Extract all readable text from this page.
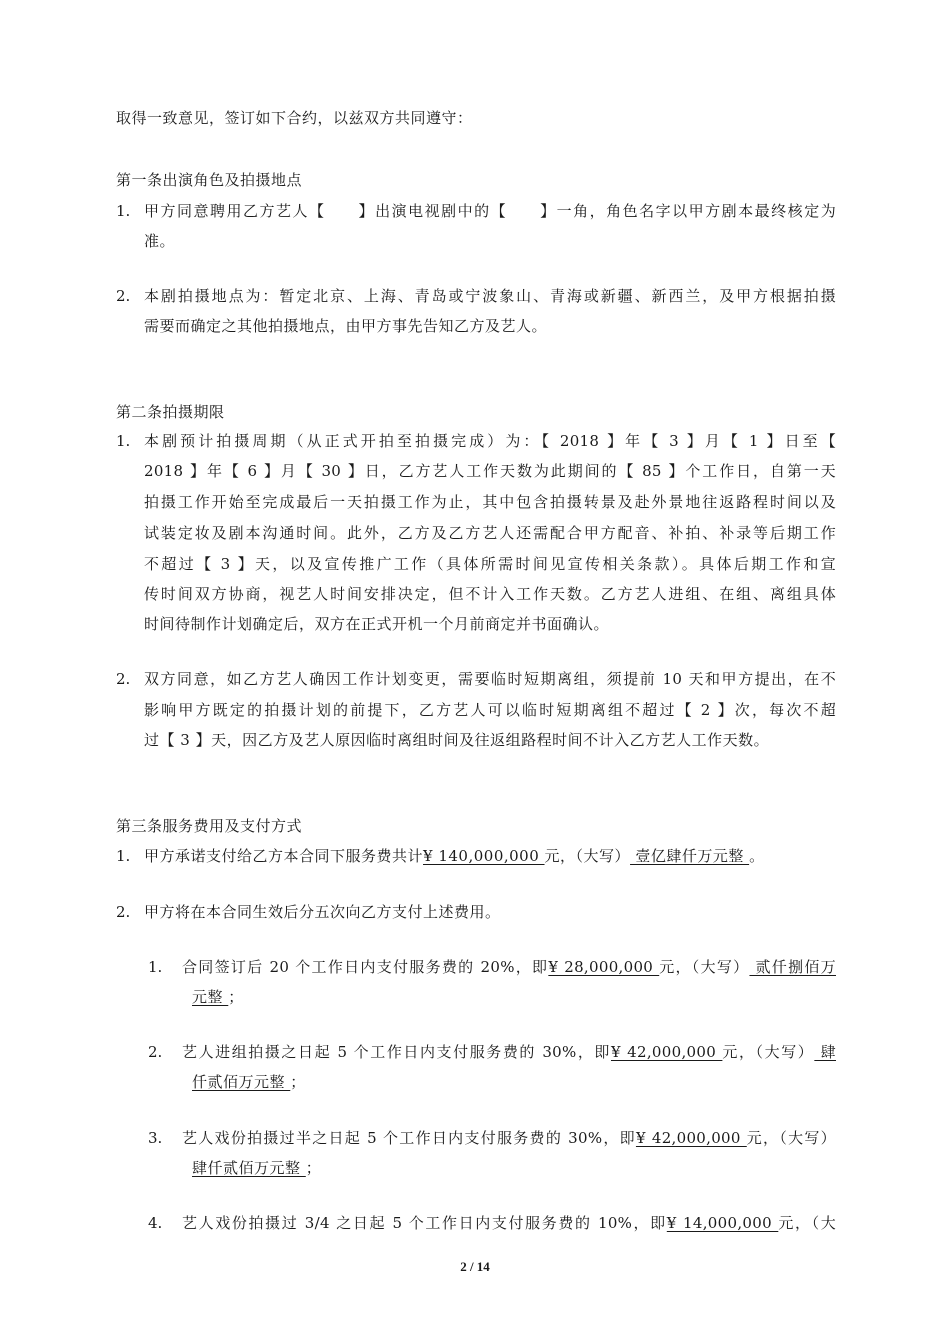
取得一致意见，签订如下合约，以兹双方共同遵守：
第一条出演角色及拍摄地点
1. 甲方同意聘用乙方艺人【　　】出演电视剧中的【　　】一角，角色名字以甲方剧本最终核定为
准。
2. 本剧拍摄地点为：暂定北京、上海、青岛或宁波象山、青海或新疆、新西兰，及甲方根据拍摄
需要而确定之其他拍摄地点，由甲方事先告知乙方及艺人。
第二条拍摄期限
1. 本剧预计拍摄周期（从正式开拍至拍摄完成）为：【 2018 】年【 3 】月【 1 】日至【
2018 】年【 6 】月【 30 】日，乙方艺人工作天数为此期间的【 85 】个工作日，自第一天
拍摄工作开始至完成最后一天拍摄工作为止，其中包含拍摄转景及赴外景地往返路程时间以及
试装定妆及剧本沟通时间。此外，乙方及乙方艺人还需配合甲方配音、补拍、补录等后期工作
不超过【 3 】天，以及宣传推广工作（具体所需时间见宣传相关条款）。具体后期工作和宣
传时间双方协商，视艺人时间安排决定，但不计入工作天数。乙方艺人进组、在组、离组具体
时间待制作计划确定后，双方在正式开机一个月前商定并书面确认。
2. 双方同意，如乙方艺人确因工作计划变更，需要临时短期离组，须提前 10 天和甲方提出，在不
影响甲方既定的拍摄计划的前提下，乙方艺人可以临时短期离组不超过【 2 】次，每次不超
过【 3 】天，因乙方及艺人原因临时离组时间及往返组路程时间不计入乙方艺人工作天数。
第三条服务费用及支付方式
1. 甲方承诺支付给乙方本合同下服务费共计¥ 140,000,000 元，（大写） 壹亿肆仟万元整 。
2. 甲方将在本合同生效后分五次向乙方支付上述费用。
1. 合同签订后 20 个工作日内支付服务费的 20%，即¥ 28,000,000 元，（大写） 贰仟捌佰万
元整 ；
2. 艺人进组拍摄之日起 5 个工作日内支付服务费的 30%，即¥ 42,000,000 元，（大写） 肆
仟贰佰万元整 ；
3. 艺人戏份拍摄过半之日起 5 个工作日内支付服务费的 30%，即¥ 42,000,000 元，（大写）
肆仟贰佰万元整 ；
4. 艺人戏份拍摄过 3/4 之日起 5 个工作日内支付服务费的 10%，即¥ 14,000,000 元，（大
2 / 14
